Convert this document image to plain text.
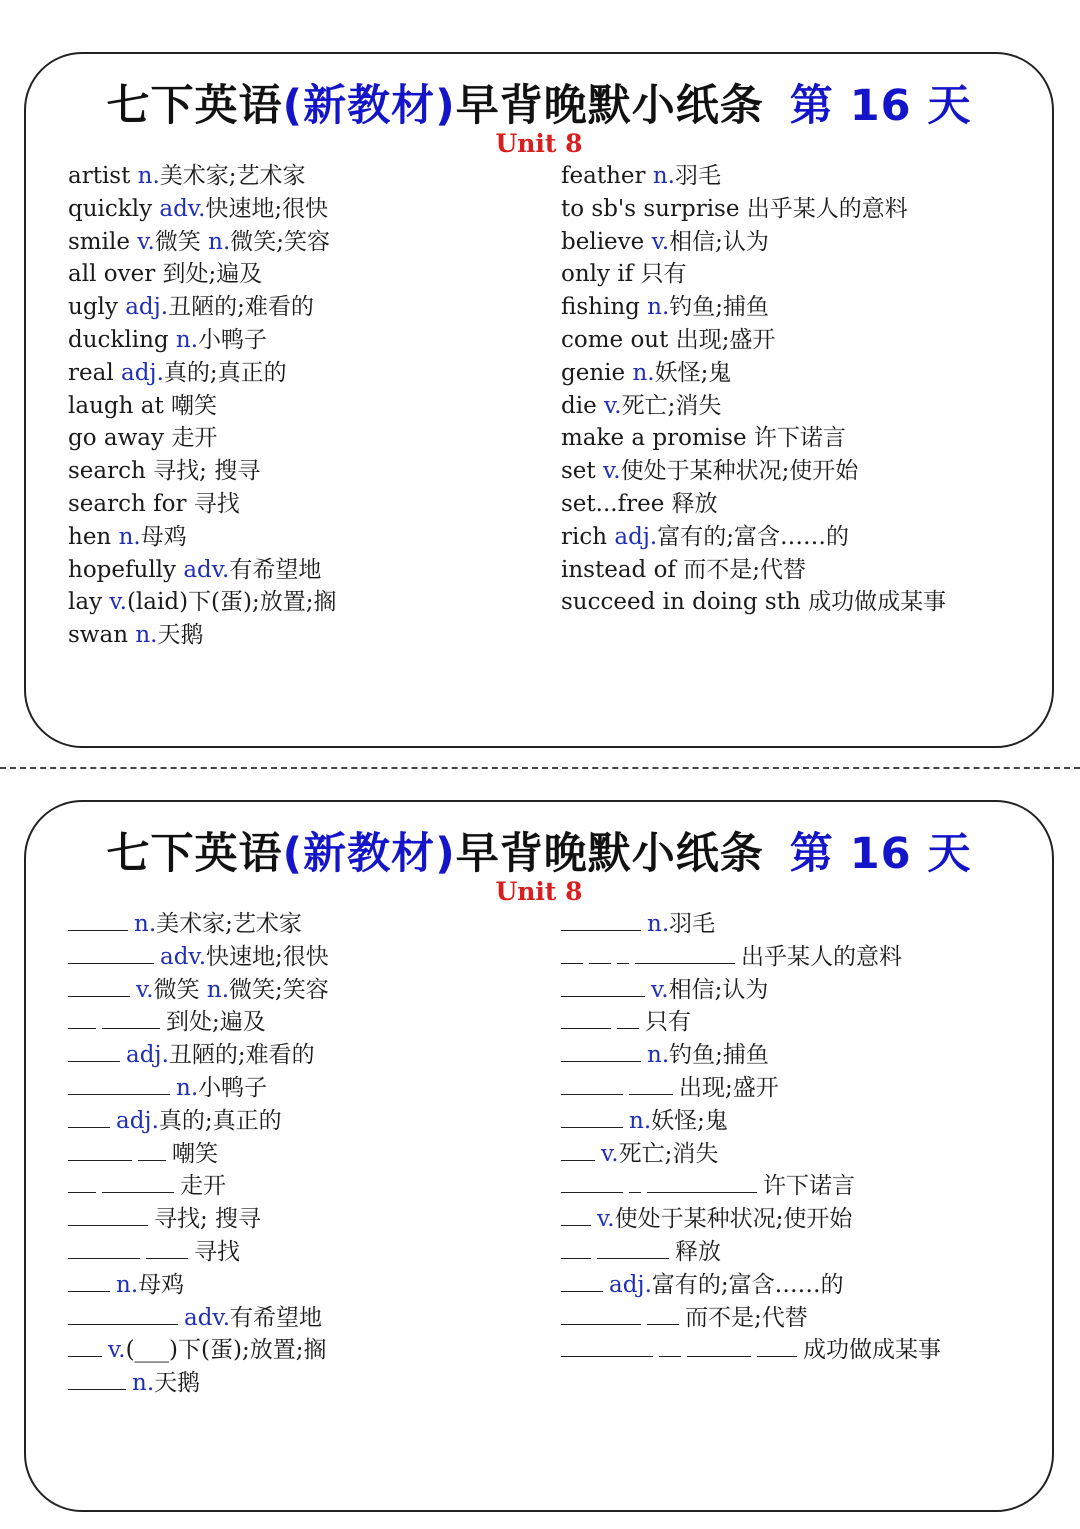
七下英语(新教材)早背晚默小纸条 第 16 天
Unit 8
artist n.美术家;艺术家
quickly adv.快速地;很快
smile v.微笑 n.微笑;笑容
all over 到处;遍及
ugly adj.丑陋的;难看的
duckling n.小鸭子
real adj.真的;真正的
laugh at 嘲笑
go away 走开
search 寻找; 搜寻
search for 寻找
hen n.母鸡
hopefully adv.有希望地
lay v.(laid)下(蛋);放置;搁
swan n.天鹅
feather n.羽毛
to sb's surprise 出乎某人的意料
believe v.相信;认为
only if 只有
fishing n.钓鱼;捕鱼
come out 出现;盛开
genie n.妖怪;鬼
die v.死亡;消失
make a promise 许下诺言
set v.使处于某种状况;使开始
set...free 释放
rich adj.富有的;富含……的
instead of 而不是;代替
succeed in doing sth 成功做成某事
七下英语(新教材)早背晚默小纸条 第 16 天
Unit 8
n.美术家;艺术家
adv.快速地;很快
v.微笑 n.微笑;笑容
到处;遍及
adj.丑陋的;难看的
n.小鸭子
adj.真的;真正的
嘲笑
走开
寻找; 搜寻
寻找
n.母鸡
adv.有希望地
v.(___)下(蛋);放置;搁
n.天鹅
n.羽毛
出乎某人的意料
v.相信;认为
只有
n.钓鱼;捕鱼
出现;盛开
n.妖怪;鬼
v.死亡;消失
许下诺言
v.使处于某种状况;使开始
释放
adj.富有的;富含……的
而不是;代替
成功做成某事
